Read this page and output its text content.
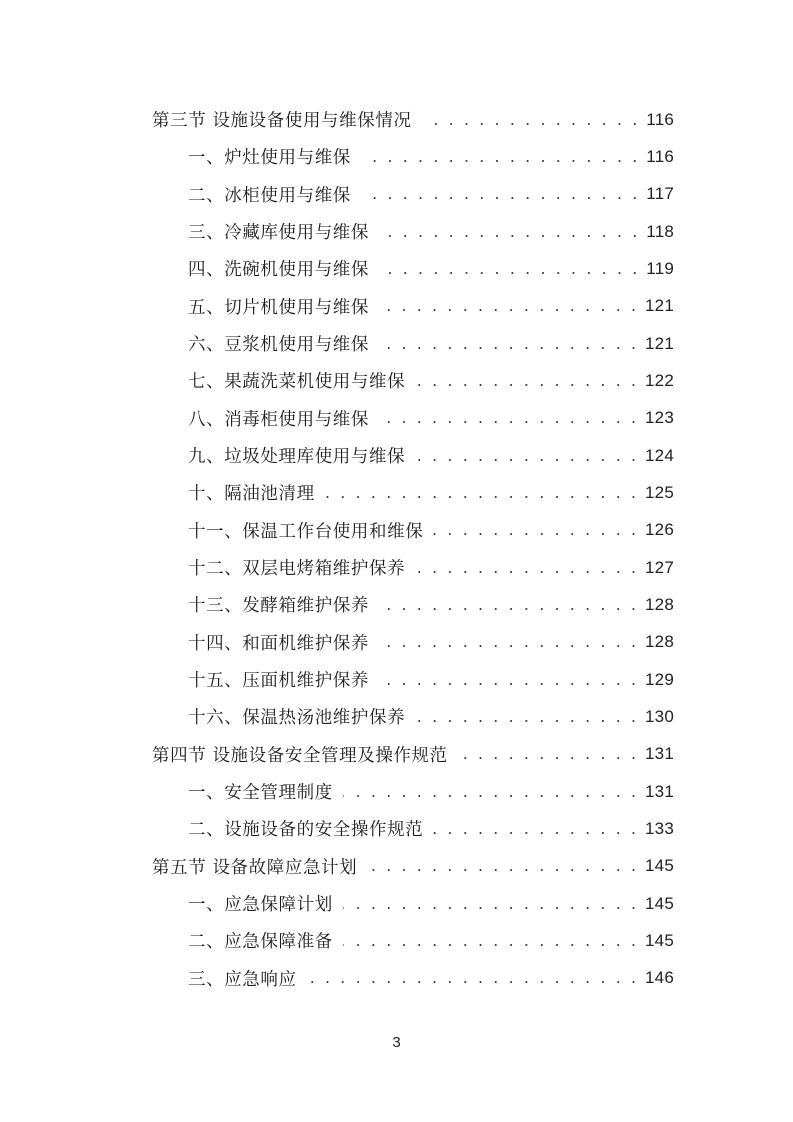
第三节 设施设备使用与维保情况 . . .	116
一、炉灶使用与维保 . . .	116
二、冰柜使用与维保 . . .	117
三、冷藏库使用与维保 . . .	118
四、洗碗机使用与维保 . . .	119
五、切片机使用与维保 . . .	121
六、豆浆机使用与维保 . . .	121
七、果蔬洗菜机使用与维保 . . .	122
八、消毒柜使用与维保 . . .	123
九、垃圾处理库使用与维保 . . .	124
十、隔油池清理 . . .	125
十一、保温工作台使用和维保 . . .	126
十二、双层电烤箱维护保养 . . .	127
十三、发酵箱维护保养 . . .	128
十四、和面机维护保养 . . .	128
十五、压面机维护保养 . . .	129
十六、保温热汤池维护保养 . . .	130
第四节 设施设备安全管理及操作规范 . . .	131
一、安全管理制度 . . .	131
二、设施设备的安全操作规范 . . .	133
第五节 设备故障应急计划 . . .	145
一、应急保障计划 . . .	145
二、应急保障准备 . . .	145
三、应急响应 . . .	146
3
